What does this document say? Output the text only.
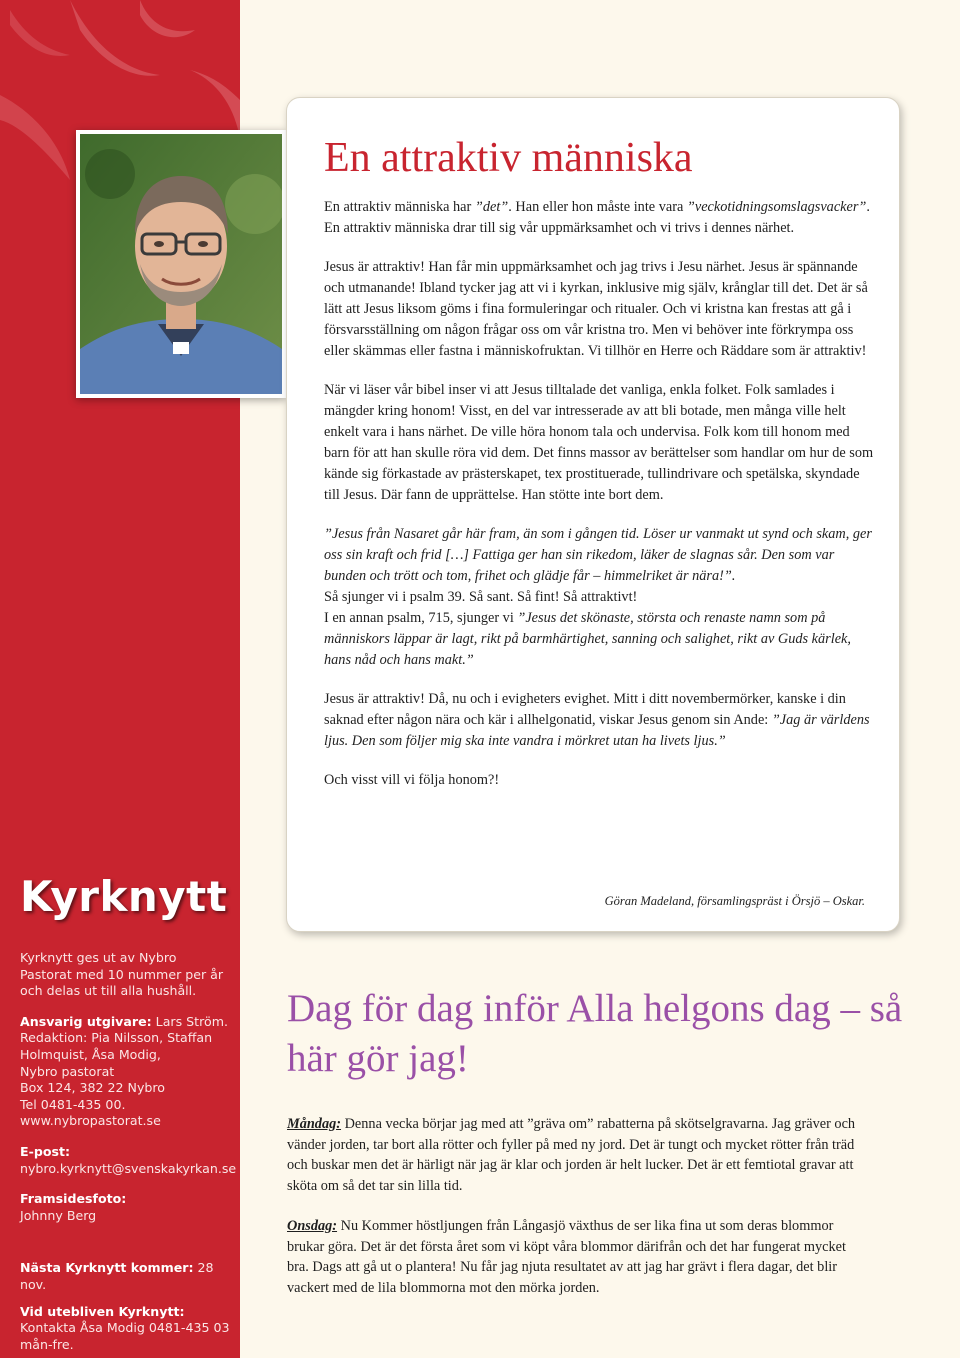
Kyrknytt

Kyrknytt ges ut av Nybro Pastorat med 10 nummer per år och delas ut till alla hushåll.

Ansvarig utgivare: Lars Ström.
Redaktion: Pia Nilsson, Staffan Holmquist, Åsa Modig,
Nybro pastorat
Box 124, 382 22 Nybro
Tel 0481-435 00.
www.nybropastorat.se

E-post:
nybro.kyrknytt@svenskakyrkan.se

Framsidesfoto:
Johnny Berg

Nästa Kyrknytt kommer: 28 nov.

Vid utebliven Kyrknytt: Kontakta Åsa Modig 0481-435 03 mån-fre.

En attraktiv människa

En attraktiv människa har ”det”. Han eller hon måste inte vara ”veckotidningsomslagsvacker”. En attraktiv människa drar till sig vår uppmärksamhet och vi trivs i dennes närhet.

Jesus är attraktiv! Han får min uppmärksamhet och jag trivs i Jesu närhet. Jesus är spännande och utmanande! Ibland tycker jag att vi i kyrkan, inklusive mig själv, krånglar till det. Det är så lätt att Jesus liksom göms i fina formuleringar och ritualer. Och vi kristna kan frestas att gå i försvarsställning om någon frågar oss om vår kristna tro. Men vi behöver inte förkrympa oss eller skämmas eller fastna i människofruktan. Vi tillhör en Herre och Räddare som är attraktiv!

När vi läser vår bibel inser vi att Jesus tilltalade det vanliga, enkla folket. Folk samlades i mängder kring honom! Visst, en del var intresserade av att bli botade, men många ville helt enkelt vara i hans närhet. De ville höra honom tala och undervisa. Folk kom till honom med barn för att han skulle röra vid dem. Det finns massor av berättelser som handlar om hur de som kände sig förkastade av prästerskapet, tex prostituerade, tullindrivare och spetälska, skyndade till Jesus. Där fann de upprättelse. Han stötte inte bort dem.

”Jesus från Nasaret går här fram, än som i gången tid. Löser ur vanmakt ut synd och skam, ger oss sin kraft och frid […] Fattiga ger han sin rikedom, läker de slagnas sår. Den som var bunden och trött och tom, frihet och glädje får – himmelriket är nära!”.
Så sjunger vi i psalm 39. Så sant. Så fint! Så attraktivt!
I en annan psalm, 715, sjunger vi ”Jesus det skönaste, största och renaste namn som på människors läppar är lagt, rikt på barmhärtighet, sanning och salighet, rikt av Guds kärlek, hans nåd och hans makt.”

Jesus är attraktiv! Då, nu och i evigheters evighet. Mitt i ditt novembermörker, kanske i din saknad efter någon nära och kär i allhelgonatid, viskar Jesus genom sin Ande: ”Jag är världens ljus. Den som följer mig ska inte vandra i mörkret utan ha livets ljus.”

Och visst vill vi följa honom?!

Göran Madeland, församlingspräst i Örsjö – Oskar.
Dag för dag inför Alla helgons dag – så här gör jag!

Måndag: Denna vecka börjar jag med att ”gräva om” rabatterna på skötselgravarna. Jag gräver och vänder jorden, tar bort alla rötter och fyller på med ny jord. Det är tungt och mycket rötter från träd och buskar men det är härligt när jag är klar och jorden är helt lucker. Det är ett femtiotal gravar att sköta om så det tar sin lilla tid.

Onsdag: Nu Kommer höstljungen från Långasjö växthus de ser lika fina ut som deras blommor brukar göra. Det är det första året som vi köpt våra blommor därifrån och det har fungerat mycket bra. Dags att gå ut o plantera! Nu får jag njuta resultatet av att jag har grävt i flera dagar, det blir vackert med de lila blommorna mot den mörka jorden.
